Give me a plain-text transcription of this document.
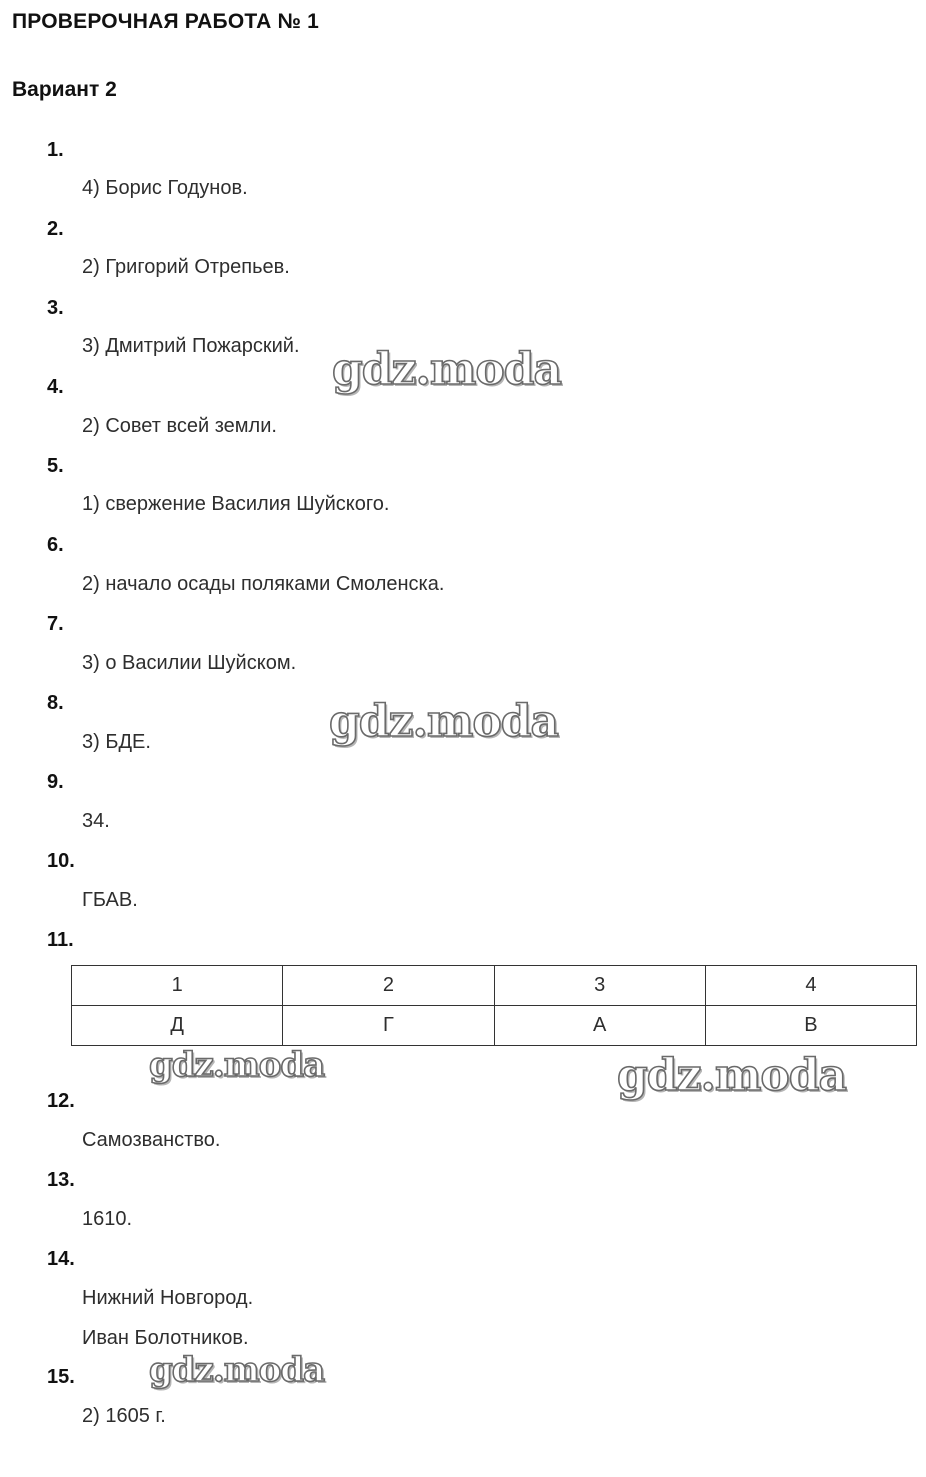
ПРОВЕРОЧНАЯ РАБОТА № 1
Вариант 2
1.
4) Борис Годунов.
2.
2) Григорий Отрепьев.
3.
3) Дмитрий Пожарский.
4.
2) Совет всей земли.
5.
1) свержение Василия Шуйского.
6.
2) начало осады поляками Смоленска.
7.
3) о Василии Шуйском.
8.
3) БДЕ.
9.
34.
10.
ГБАВ.
11.
1	2	3	4
Д	Г	А	В
12.
Самозванство.
13.
1610.
14.
Нижний Новгород.
Иван Болотников.
15.
2) 1605 г.
gdz.moda
gdz.moda
gdz.moda	gdz.moda
gdz.moda
